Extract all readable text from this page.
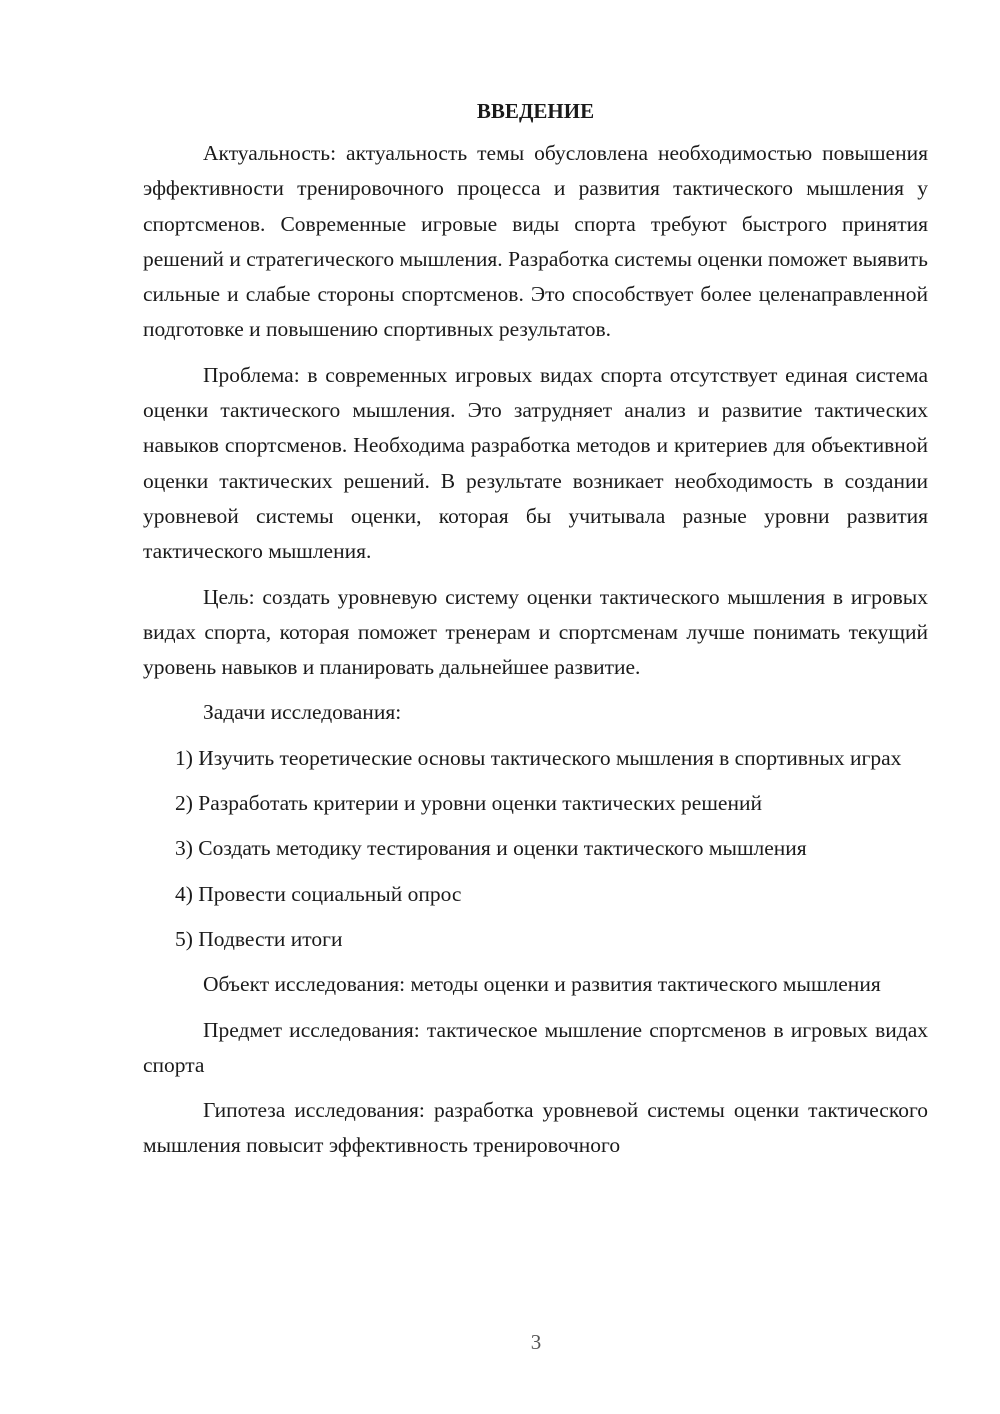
ВВЕДЕНИЕ

Актуальность: актуальность темы обусловлена необходимостью повышения эффективности тренировочного процесса и развития тактического мышления у спортсменов. Современные игровые виды спорта требуют быстрого принятия решений и стратегического мышления. Разработка системы оценки поможет выявить сильные и слабые стороны спортсменов. Это способствует более целенаправленной подготовке и повышению спортивных результатов.

Проблема: в современных игровых видах спорта отсутствует единая система оценки тактического мышления. Это затрудняет анализ и развитие тактических навыков спортсменов. Необходима разработка методов и критериев для объективной оценки тактических решений. В результате возникает необходимость в создании уровневой системы оценки, которая бы учитывала разные уровни развития тактического мышления.

Цель: создать уровневую систему оценки тактического мышления в игровых видах спорта, которая поможет тренерам и спортсменам лучше понимать текущий уровень навыков и планировать дальнейшее развитие.

Задачи исследования:

1) Изучить теоретические основы тактического мышления в спортивных играх

2) Разработать критерии и уровни оценки тактических решений

3) Создать методику тестирования и оценки тактического мышления

4) Провести социальный опрос

5) Подвести итоги

Объект исследования: методы оценки и развития тактического мышления

Предмет исследования: тактическое мышление спортсменов в игровых видах спорта

Гипотеза исследования: разработка уровневой системы оценки тактического мышления повысит эффективность тренировочного

3
